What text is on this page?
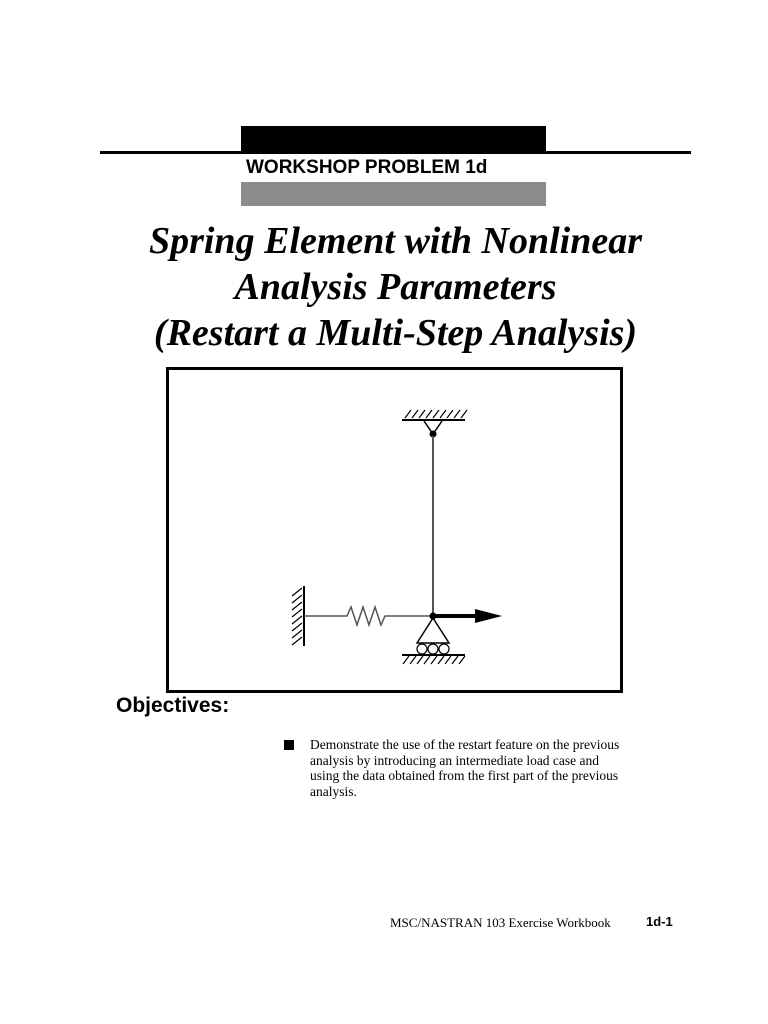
WORKSHOP PROBLEM 1d
Spring Element with Nonlinear
Analysis Parameters
(Restart a Multi-Step Analysis)
Objectives:
Demonstrate the use of the restart feature on the previous
analysis by introducing an intermediate load case and
using the data obtained from the first part of the previous
analysis.
MSC/NASTRAN 103 Exercise Workbook	1d-1
